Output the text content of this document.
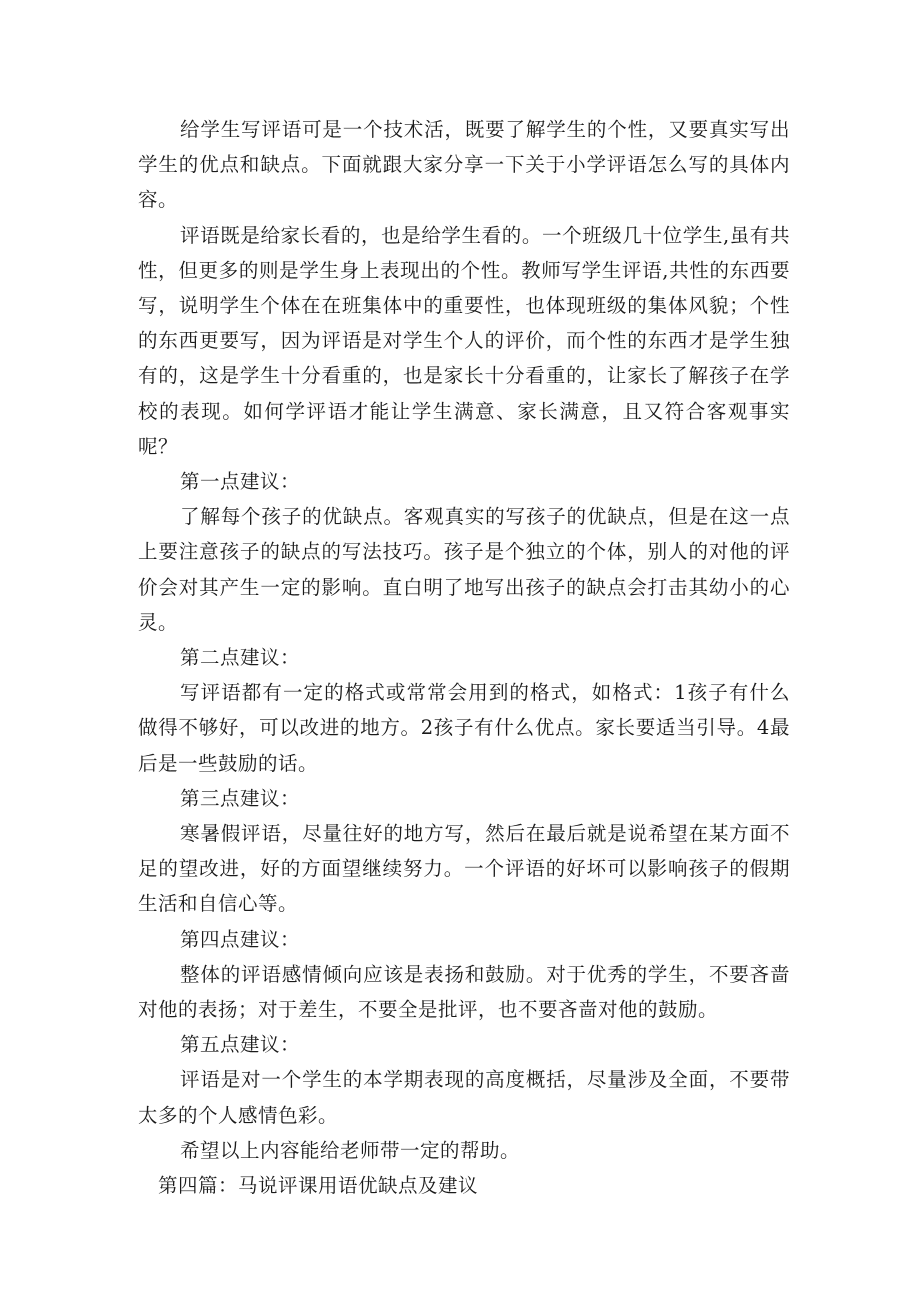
给学生写评语可是一个技术活，既要了解学生的个性，又要真实写出学生的优点和缺点。下面就跟大家分享一下关于小学评语怎么写的具体内容。

评语既是给家长看的，也是给学生看的。一个班级几十位学生,虽有共性，但更多的则是学生身上表现出的个性。教师写学生评语,共性的东西要写，说明学生个体在在班集体中的重要性，也体现班级的集体风貌；个性的东西更要写，因为评语是对学生个人的评价，而个性的东西才是学生独有的，这是学生十分看重的，也是家长十分看重的，让家长了解孩子在学校的表现。如何学评语才能让学生满意、家长满意，且又符合客观事实呢？

第一点建议：

了解每个孩子的优缺点。客观真实的写孩子的优缺点，但是在这一点上要注意孩子的缺点的写法技巧。孩子是个独立的个体，别人的对他的评价会对其产生一定的影响。直白明了地写出孩子的缺点会打击其幼小的心灵。

第二点建议：

写评语都有一定的格式或常常会用到的格式，如格式：1孩子有什么做得不够好，可以改进的地方。2孩子有什么优点。家长要适当引导。4最后是一些鼓励的话。

第三点建议：

寒暑假评语，尽量往好的地方写，然后在最后就是说希望在某方面不足的望改进，好的方面望继续努力。一个评语的好坏可以影响孩子的假期生活和自信心等。

第四点建议：

整体的评语感情倾向应该是表扬和鼓励。对于优秀的学生，不要吝啬对他的表扬；对于差生，不要全是批评，也不要吝啬对他的鼓励。

第五点建议：

评语是对一个学生的本学期表现的高度概括，尽量涉及全面，不要带太多的个人感情色彩。

希望以上内容能给老师带一定的帮助。

第四篇：马说评课用语优缺点及建议
